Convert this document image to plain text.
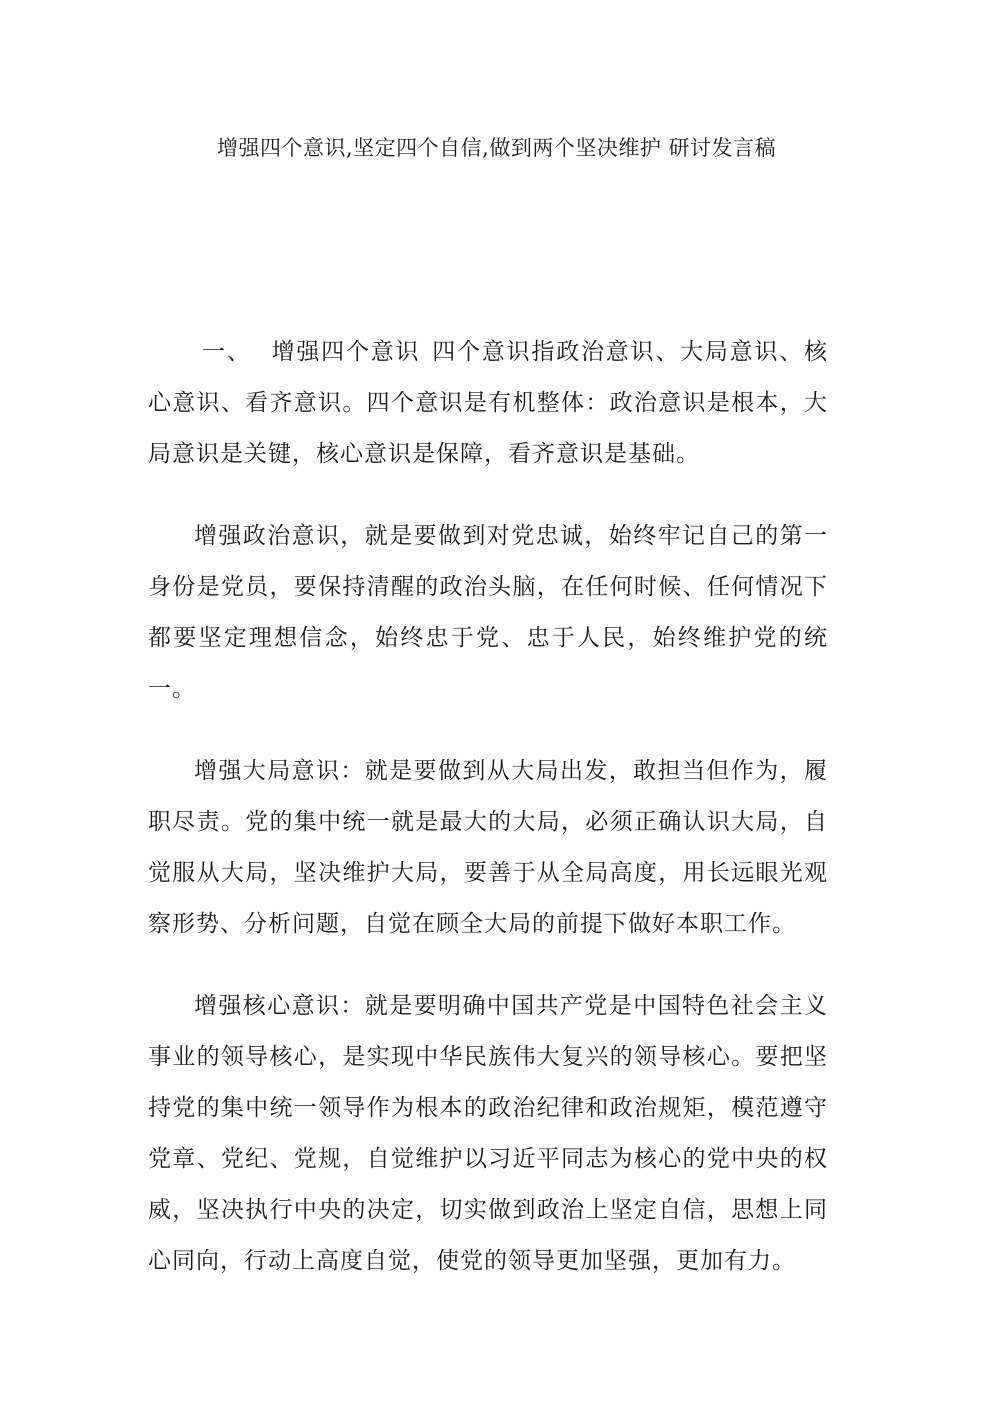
增强四个意识,坚定四个自信,做到两个坚决维护 研讨发言稿

一、 增强四个意识 四个意识指政治意识、大局意识、核心意识、看齐意识。四个意识是有机整体：政治意识是根本，大局意识是关键，核心意识是保障，看齐意识是基础。

增强政治意识，就是要做到对党忠诚，始终牢记自己的第一身份是党员，要保持清醒的政治头脑，在任何时候、任何情况下都要坚定理想信念，始终忠于党、忠于人民，始终维护党的统一。

增强大局意识：就是要做到从大局出发，敢担当但作为，履职尽责。党的集中统一就是最大的大局，必须正确认识大局，自觉服从大局，坚决维护大局，要善于从全局高度，用长远眼光观察形势、分析问题，自觉在顾全大局的前提下做好本职工作。

增强核心意识：就是要明确中国共产党是中国特色社会主义事业的领导核心，是实现中华民族伟大复兴的领导核心。要把坚持党的集中统一领导作为根本的政治纪律和政治规矩，模范遵守党章、党纪、党规，自觉维护以习近平同志为核心的党中央的权威，坚决执行中央的决定，切实做到政治上坚定自信，思想上同心同向，行动上高度自觉，使党的领导更加坚强，更加有力。
